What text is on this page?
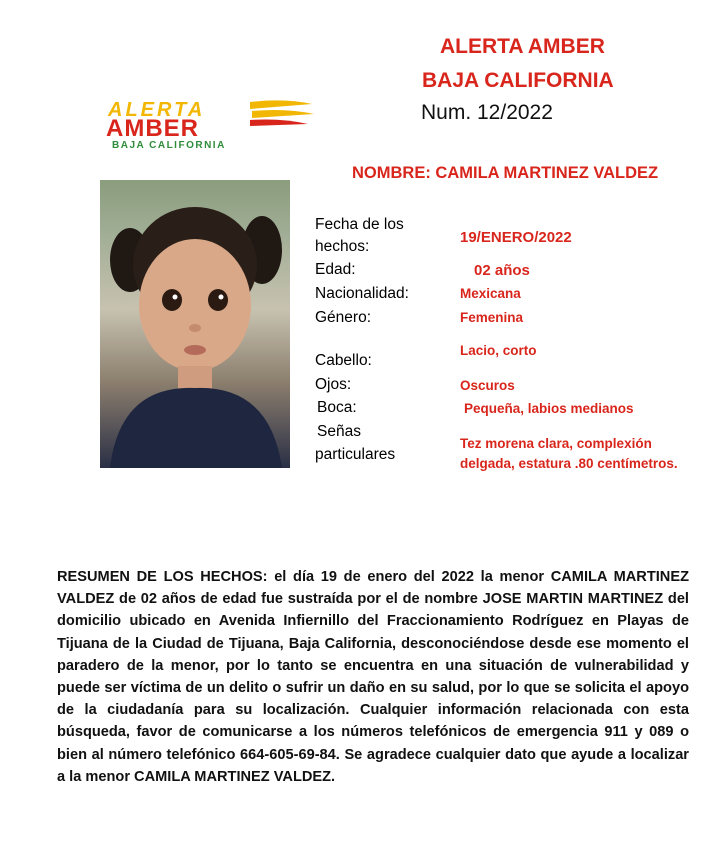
ALERTA AMBER
BAJA CALIFORNIA
Num. 12/2022
ALERTA
AMBER
BAJA CALIFORNIA
NOMBRE: CAMILA MARTINEZ VALDEZ
Fecha de los
hechos:
Edad:
Nacionalidad:
Género:
Cabello:
Ojos:
Boca:
Señas
particulares
19/ENERO/2022
02 años
Mexicana
Femenina
Lacio, corto
Oscuros
Pequeña, labios medianos
Tez morena clara, complexión
delgada, estatura .80 centímetros.
RESUMEN DE LOS HECHOS: el día 19 de enero del 2022 la menor CAMILA MARTINEZ VALDEZ de 02 años de edad fue sustraída por el de nombre JOSE MARTIN MARTINEZ del domicilio ubicado en Avenida Infiernillo del Fraccionamiento Rodríguez en Playas de Tijuana de la Ciudad de Tijuana, Baja California, desconociéndose desde ese momento el paradero de la menor, por lo tanto se encuentra en una situación de vulnerabilidad y puede ser víctima de un delito o sufrir un daño en su salud, por lo que se solicita el apoyo de la ciudadanía para su localización. Cualquier información relacionada con esta búsqueda, favor de comunicarse a los números telefónicos de emergencia 911 y 089 o bien al número telefónico 664-605-69-84. Se agradece cualquier dato que ayude a localizar a la menor CAMILA MARTINEZ VALDEZ.
